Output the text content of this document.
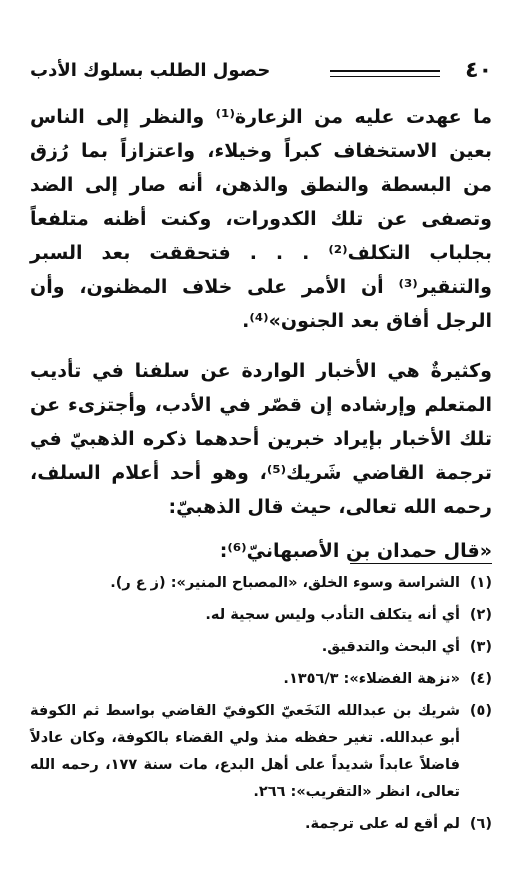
٤٠
حصول الطلب بسلوك الأدب

ما عهدت عليه من الزعارة⁽¹⁾ والنظر إلى الناس بعين الاستخفاف كبراً وخيلاء، واعتزازاً بما رُزق من البسطة والنطق والذهن، أنه صار إلى الضد وتصفى عن تلك الكدورات، وكنت أظنه متلفعاً بجلباب التكلف⁽²⁾ . . . فتحققت بعد السبر والتنقير⁽³⁾ أن الأمر على خلاف المظنون، وأن الرجل أفاق بعد الجنون»⁽⁴⁾.

وكثيرةٌ هي الأخبار الواردة عن سلفنا في تأديب المتعلم وإرشاده إن قصّر في الأدب، وأجتزىء عن تلك الأخبار بإيراد خبرين أحدهما ذكره الذهبيّ في ترجمة القاضي شَريك⁽⁵⁾، وهو أحد أعلام السلف، رحمه الله تعالى، حيث قال الذهبيّ:

«قال حمدان بن الأصبهانيّ⁽⁶⁾:
(١)
الشراسة وسوء الخلق، «المصباح المنير»: (ز ع ر).
(٢)
أي أنه يتكلف التأدب وليس سجية له.
(٣)
أي البحث والتدقيق.
(٤)
«نزهة الفضلاء»: ١٣٥٦/٣.
(٥)
شريك بن عبدالله النَخَعيّ الكوفيّ القاضي بواسط ثم الكوفة أبو عبدالله. تغير حفظه منذ ولي القضاء بالكوفة، وكان عادلاً فاضلاً عابداً شديداً على أهل البدع، مات سنة ١٧٧، رحمه الله تعالى، انظر «التقريب»: ٢٦٦.
(٦)
لم أقع له على ترجمة.
